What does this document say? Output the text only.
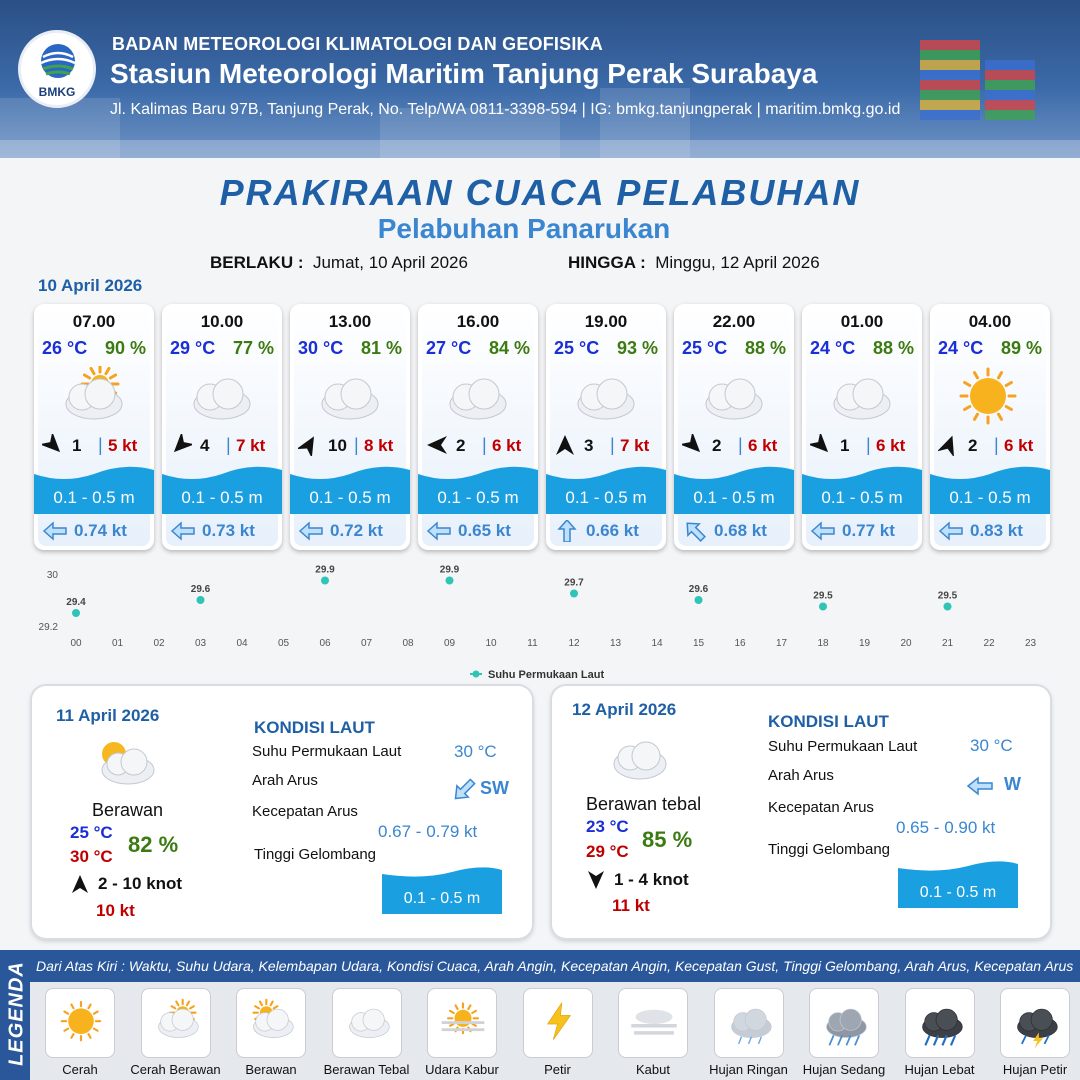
BMKG
BADAN METEOROLOGI KLIMATOLOGI DAN GEOFISIKA
Stasiun Meteorologi Maritim Tanjung Perak Surabaya
Jl. Kalimas Baru 97B, Tanjung Perak, No. Telp/WA 0811-3398-594 | IG: bmkg.tanjungperak | maritim.bmkg.go.id
PRAKIRAAN CUACA PELABUHAN
Pelabuhan Panarukan
BERLAKU : Jumat, 10 April 2026	HINGGA : Minggu, 12 April 2026
10 April 2026
07.00
26 °C 90 %
1 | 5 kt
0.1 - 0.5 m
0.74 kt
10.00
29 °C 77 %
4 | 7 kt
0.1 - 0.5 m
0.73 kt
13.00
30 °C 81 %
10 | 8 kt
0.1 - 0.5 m
0.72 kt
16.00
27 °C 84 %
2 | 6 kt
0.1 - 0.5 m
0.65 kt
19.00
25 °C 93 %
3 | 7 kt
0.1 - 0.5 m
0.66 kt
22.00
25 °C 88 %
2 | 6 kt
0.1 - 0.5 m
0.68 kt
01.00
24 °C 88 %
1 | 6 kt
0.1 - 0.5 m
0.77 kt
04.00
24 °C 89 %
2 | 6 kt
0.1 - 0.5 m
0.83 kt
30
29.2
00	01	02	03	04	05	06	07	08	09	10	11	12	13	14	15	16	17	18	19	20	21	22	23
29.4
29.6
29.9	29.9
29.7
29.6
29.5	29.5
Suhu Permukaan Laut
11 April 2026
Berawan
25 °C
30 °C 82 %
2 - 10 knot
10 kt
KONDISI LAUT
Suhu Permukaan Laut	30 °C
Arah Arus	SW
Kecepatan Arus
0.67 - 0.79 kt
Tinggi Gelombang
0.1 - 0.5 m
12 April 2026
Berawan tebal
23 °C
29 °C 85 %
1 - 4 knot
11 kt
KONDISI LAUT
Suhu Permukaan Laut	30 °C
Arah Arus	W
Kecepatan Arus
0.65 - 0.90 kt
Tinggi Gelombang
0.1 - 0.5 m
LEGENDA Dari Atas Kiri : Waktu, Suhu Udara, Kelembapan Udara, Kondisi Cuaca, Arah Angin, Kecepatan Angin, Kecepatan Gust, Tinggi Gelombang, Arah Arus, Kecepatan Arus
Cerah	Cerah Berawan	Berawan	Berawan Tebal	Udara Kabur	Petir	Kabut	Hujan Ringan	Hujan Sedang	Hujan Lebat	Hujan Petir
